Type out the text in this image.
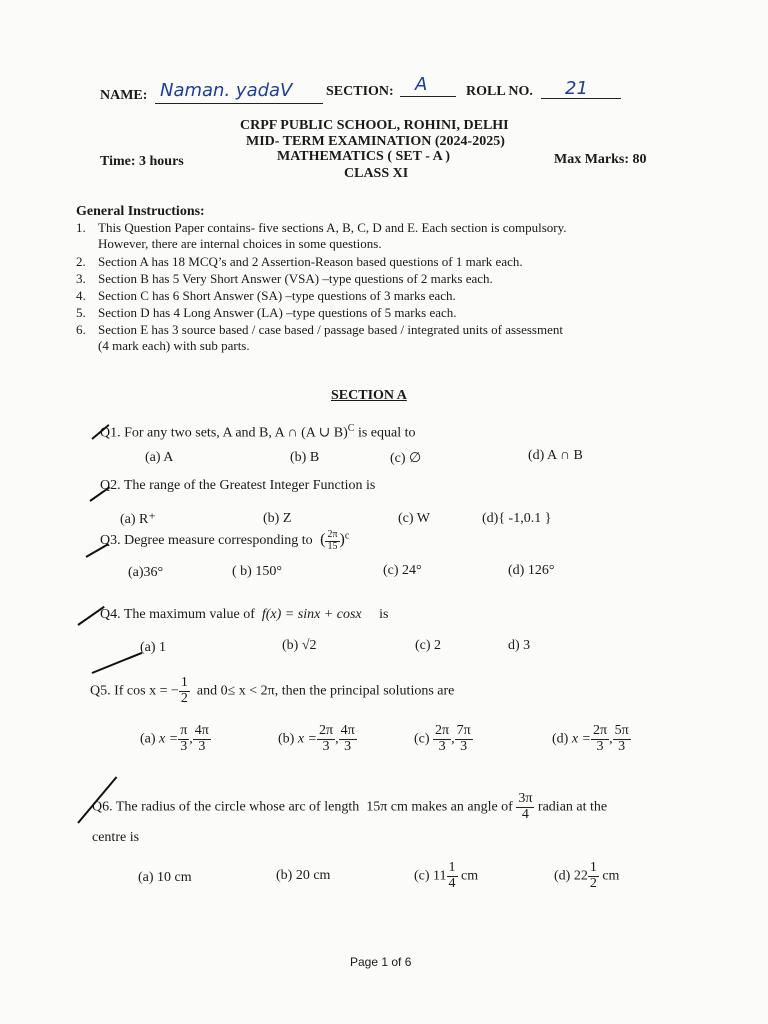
NAME: Naman. yadaV SECTION: A	ROLL NO. 21
CRPF PUBLIC SCHOOL, ROHINI, DELHI
MID- TERM EXAMINATION (2024-2025)
Time: 3 hours	MATHEMATICS ( SET - A )	Max Marks: 80
CLASS XI
General Instructions:
1. This Question Paper contains- five sections A, B, C, D and E. Each section is compulsory.
However, there are internal choices in some questions.
2. Section A has 18 MCQ’s and 2 Assertion-Reason based questions of 1 mark each.
3. Section B has 5 Very Short Answer (VSA) –type questions of 2 marks each.
4. Section C has 6 Short Answer (SA) –type questions of 3 marks each.
5. Section D has 4 Long Answer (LA) –type questions of 5 marks each.
6. Section E has 3 source based / case based / passage based / integrated units of assessment
(4 mark each) with sub parts.
SECTION A
Q1. For any two sets, A and B, A ∩ (A ∪ B)$^C$ is equal to
(a) A	(b) B	(c) ∅	(d) A ∩ B
Q2. The range of the Greatest Integer Function is
(a) R⁺	(b) Z	(c) W	(d){ -1,0.1 }
Q3. Degree measure corresponding to  ( $\frac{2\pi}{15} )^c$
(a)36°	( b) 150°	(c) 24°	(d) 126°
Q4. The maximum value of f(x) = sinx + cosx is
(a) 1	(b) √2	(c) 2	d) 3
Q5. If cos x = − $\frac{1}{2}$ and 0≤ x < 2π, then the principal solutions are
(a) $x = \frac{\pi}{3}$ , $\frac{4\pi}{3}$	(b) $x = \frac{2\pi}{3}$ , $\frac{4\pi}{3}$	$(c) \frac{2\pi}{3}$ , $\frac{7\pi}{3}$	(d) $x = \frac{2\pi}{3}$ , $\frac{5\pi}{3}$
Q6. The radius of the circle whose arc of length 15π cm makes an angle of $\frac{3\pi}{4}$ radian at the
centre is
(a) 10 cm	(b) 20 cm	(c) $11 \frac{1}{4}$ cm	(d) $22 \frac{1}{2}$ cm
Page 1 of 6
